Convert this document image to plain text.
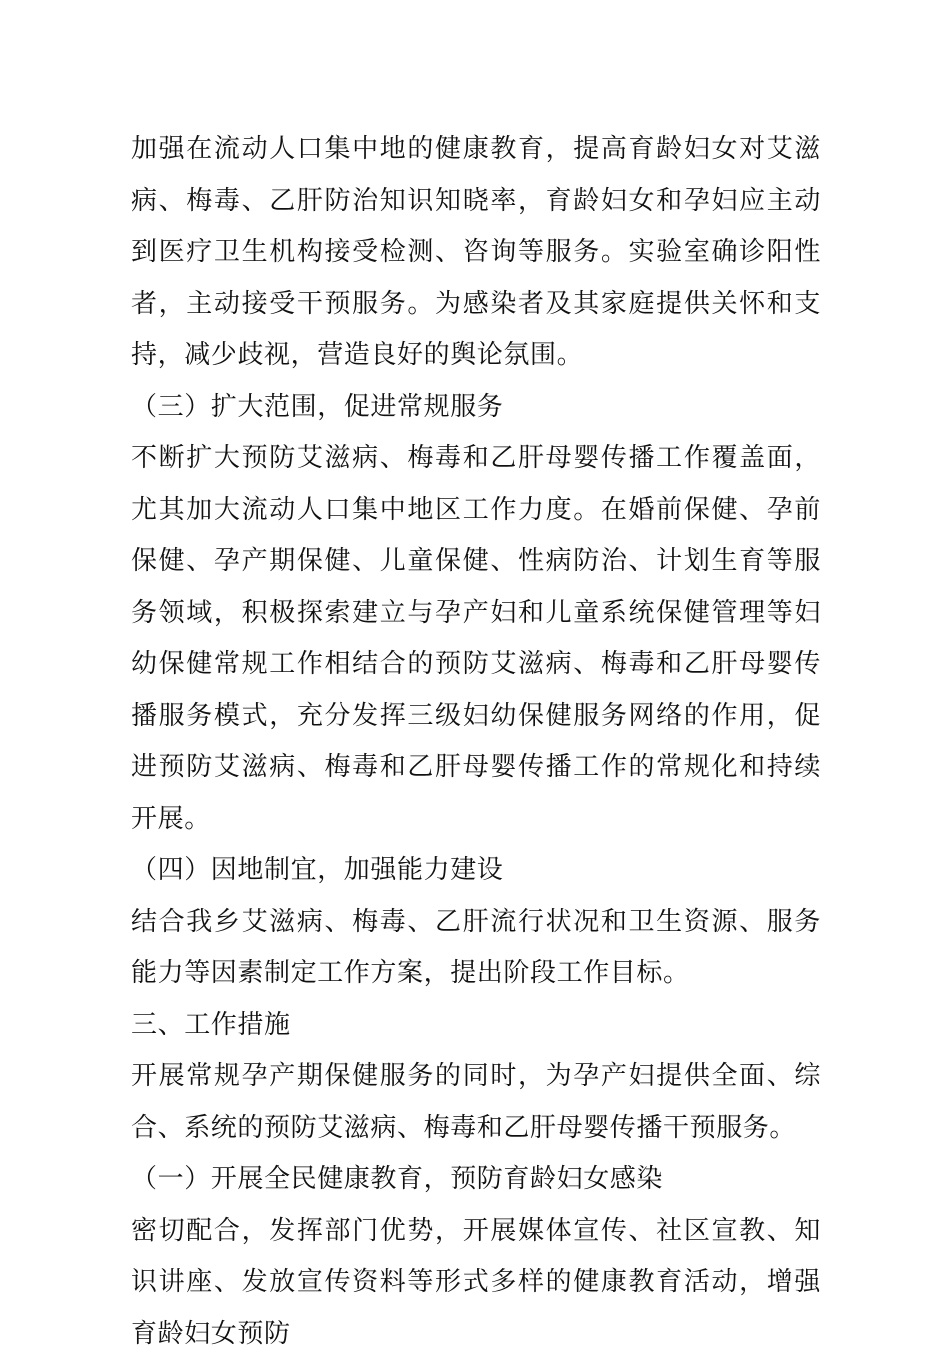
加强在流动人口集中地的健康教育，提高育龄妇女对艾滋病、梅毒、乙肝防治知识知晓率，育龄妇女和孕妇应主动到医疗卫生机构接受检测、咨询等服务。实验室确诊阳性者，主动接受干预服务。为感染者及其家庭提供关怀和支持，减少歧视，营造良好的舆论氛围。

（三）扩大范围，促进常规服务

不断扩大预防艾滋病、梅毒和乙肝母婴传播工作覆盖面，尤其加大流动人口集中地区工作力度。在婚前保健、孕前保健、孕产期保健、儿童保健、性病防治、计划生育等服务领域，积极探索建立与孕产妇和儿童系统保健管理等妇幼保健常规工作相结合的预防艾滋病、梅毒和乙肝母婴传播服务模式，充分发挥三级妇幼保健服务网络的作用，促进预防艾滋病、梅毒和乙肝母婴传播工作的常规化和持续开展。

（四）因地制宜，加强能力建设

结合我乡艾滋病、梅毒、乙肝流行状况和卫生资源、服务能力等因素制定工作方案，提出阶段工作目标。

三、工作措施

开展常规孕产期保健服务的同时，为孕产妇提供全面、综合、系统的预防艾滋病、梅毒和乙肝母婴传播干预服务。

（一）开展全民健康教育，预防育龄妇女感染

密切配合，发挥部门优势，开展媒体宣传、社区宣教、知识讲座、发放宣传资料等形式多样的健康教育活动，增强育龄妇女预防
